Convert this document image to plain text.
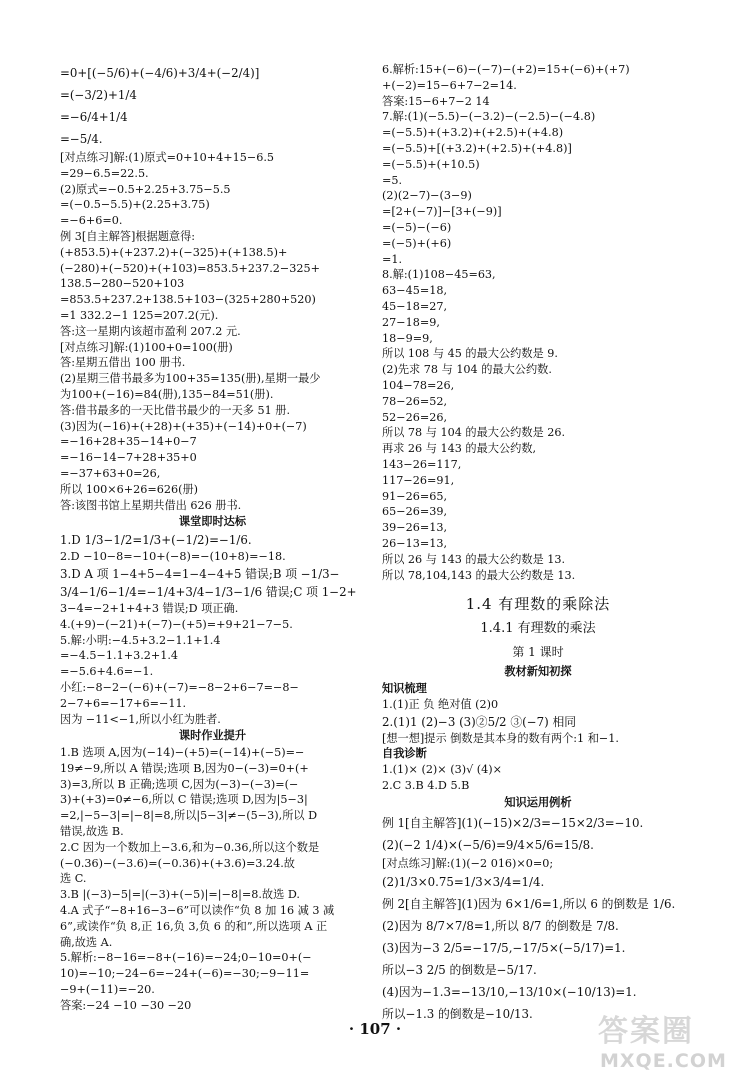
=0+[(−5/6)+(−4/6)+3/4+(−2/4)]
=(−3/2)+1/4
=−6/4+1/4
=−5/4.
[对点练习]解:(1)原式=0+10+4+15−6.5
=29−6.5=22.5.
(2)原式=−0.5+2.25+3.75−5.5
=(−0.5−5.5)+(2.25+3.75)
=−6+6=0.
例 3[自主解答]根据题意得:
(+853.5)+(+237.2)+(−325)+(+138.5)+
(−280)+(−520)+(+103)=853.5+237.2−325+
138.5−280−520+103
=853.5+237.2+138.5+103−(325+280+520)
=1 332.2−1 125=207.2(元).
答:这一星期内该超市盈利 207.2 元.
[对点练习]解:(1)100+0=100(册)
答:星期五借出 100 册书.
(2)星期三借书最多为100+35=135(册),星期一最少
为100+(−16)=84(册),135−84=51(册).
答:借书最多的一天比借书最少的一天多 51 册.
(3)因为(−16)+(+28)+(+35)+(−14)+0+(−7)
=−16+28+35−14+0−7
=−16−14−7+28+35+0
=−37+63+0=26,
所以 100×6+26=626(册)
答:该图书馆上星期共借出 626 册书.
课堂即时达标
1.D 1/3−1/2=1/3+(−1/2)=−1/6.
2.D −10−8=−10+(−8)=−(10+8)=−18.
3.D A 项 1−4+5−4=1−4−4+5 错误;B 项 −1/3−
3/4−1/6−1/4=−1/4+3/4−1/3−1/6 错误;C 项 1−2+
3−4=−2+1+4+3 错误;D 项正确.
4.(+9)−(−21)+(−7)−(+5)=+9+21−7−5.
5.解:小明:−4.5+3.2−1.1+1.4
=−4.5−1.1+3.2+1.4
=−5.6+4.6=−1.
小红:−8−2−(−6)+(−7)=−8−2+6−7=−8−
2−7+6=−17+6=−11.
因为 −11<−1,所以小红为胜者.
课时作业提升
1.B 选项 A,因为(−14)−(+5)=(−14)+(−5)=−
19≠−9,所以 A 错误;选项 B,因为0−(−3)=0+(+
3)=3,所以 B 正确;选项 C,因为(−3)−(−3)=(−
3)+(+3)=0≠−6,所以 C 错误;选项 D,因为|5−3|
=2,|−5−3|=|−8|=8,所以|5−3|≠−(5−3),所以 D
错误,故选 B.
2.C 因为一个数加上−3.6,和为−0.36,所以这个数是
(−0.36)−(−3.6)=(−0.36)+(+3.6)=3.24.故
选 C.
3.B |(−3)−5|=|(−3)+(−5)|=|−8|=8.故选 D.
4.A 式子“−8+16−3−6”可以读作“负 8 加 16 减 3 减
6”,或读作“负 8,正 16,负 3,负 6 的和”,所以选项 A 正
确,故选 A.
5.解析:−8−16=−8+(−16)=−24;0−10=0+(−
10)=−10;−24−6=−24+(−6)=−30;−9−11=
−9+(−11)=−20.
答案:−24 −10 −30 −20
6.解析:15+(−6)−(−7)−(+2)=15+(−6)+(+7)
+(−2)=15−6+7−2=14.
答案:15−6+7−2 14
7.解:(1)(−5.5)−(−3.2)−(−2.5)−(−4.8)
=(−5.5)+(+3.2)+(+2.5)+(+4.8)
=(−5.5)+[(+3.2)+(+2.5)+(+4.8)]
=(−5.5)+(+10.5)
=5.
(2)(2−7)−(3−9)
=[2+(−7)]−[3+(−9)]
=(−5)−(−6)
=(−5)+(+6)
=1.
8.解:(1)108−45=63,
63−45=18,
45−18=27,
27−18=9,
18−9=9,
所以 108 与 45 的最大公约数是 9.
(2)先求 78 与 104 的最大公约数.
104−78=26,
78−26=52,
52−26=26,
所以 78 与 104 的最大公约数是 26.
再求 26 与 143 的最大公约数,
143−26=117,
117−26=91,
91−26=65,
65−26=39,
39−26=13,
26−13=13,
所以 26 与 143 的最大公约数是 13.
所以 78,104,143 的最大公约数是 13.
1.4 有理数的乘除法
1.4.1 有理数的乘法
第 1 课时
教材新知初探
知识梳理
1.(1)正 负 绝对值 (2)0
2.(1)1 (2)−3 (3)②5/2 ③(−7) 相同
[想一想]提示 倒数是其本身的数有两个:1 和−1.
自我诊断
1.(1)× (2)× (3)√ (4)×
2.C 3.B 4.D 5.B
知识运用例析
例 1[自主解答](1)(−15)×2/3=−15×2/3=−10.
(2)(−2 1/4)×(−5/6)=9/4×5/6=15/8.
[对点练习]解:(1)(−2 016)×0=0;
(2)1/3×0.75=1/3×3/4=1/4.
例 2[自主解答](1)因为 6×1/6=1,所以 6 的倒数是 1/6.
(2)因为 8/7×7/8=1,所以 8/7 的倒数是 7/8.
(3)因为−3 2/5=−17/5,−17/5×(−5/17)=1.
所以−3 2/5 的倒数是−5/17.
(4)因为−1.3=−13/10,−13/10×(−10/13)=1.
所以−1.3 的倒数是−10/13.
· 107 ·	答案圈
MXQE.COM
